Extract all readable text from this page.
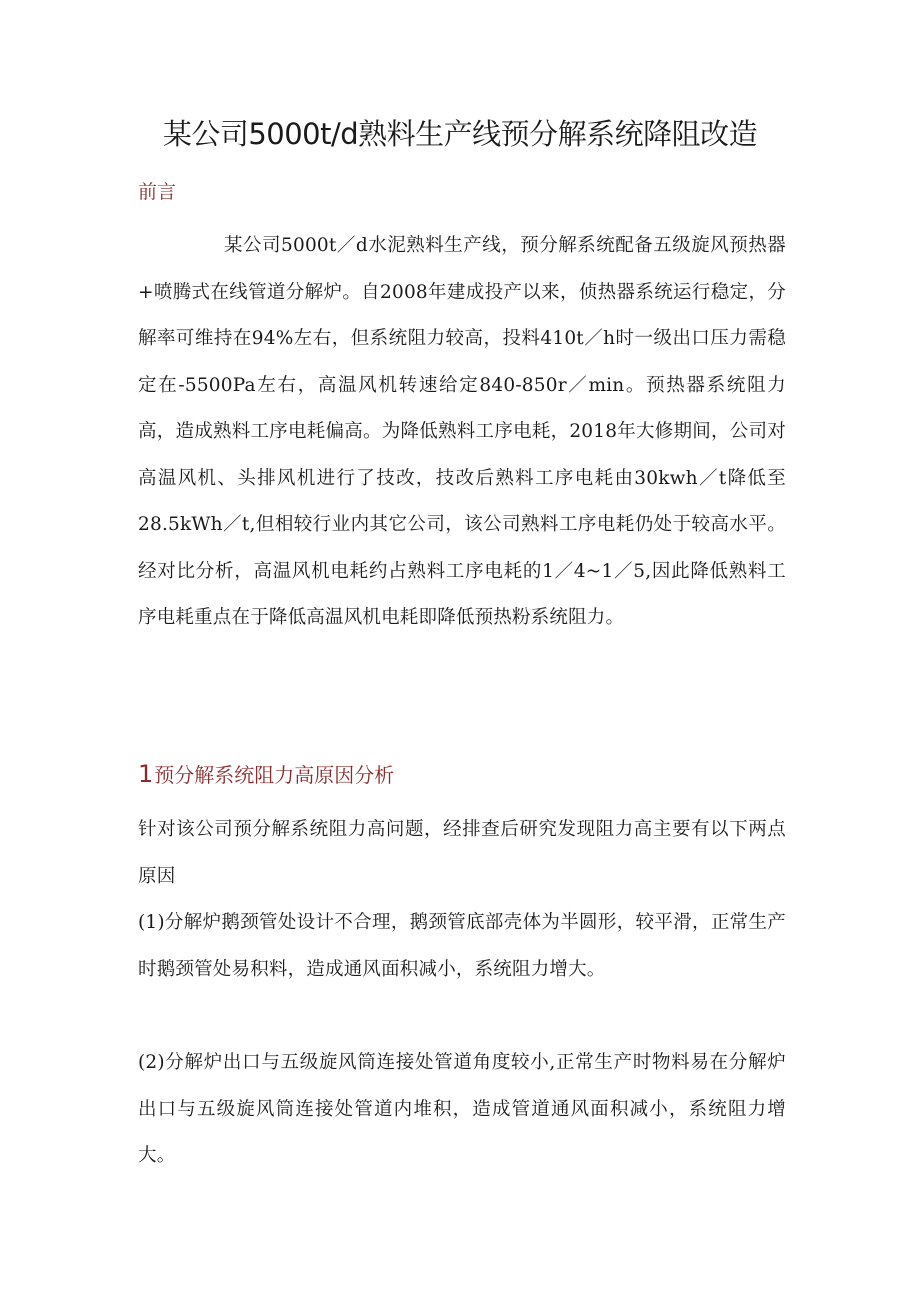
某公司5000t/d熟料生产线预分解系统降阻改造
前言

某公司5000t／d水泥熟料生产线，预分解系统配备五级旋风预热器+喷腾式在线管道分解炉。自2008年建成投产以来，侦热器系统运行稳定，分解率可维持在94%左右，但系统阻力较高，投料410t／h时一级出口压力需稳定在-5500Pa左右，高温风机转速给定840-850r／min。预热器系统阻力高，造成熟料工序电耗偏高。为降低熟料工序电耗，2018年大修期间，公司对高温风机、头排风机进行了技改，技改后熟料工序电耗由30kwh／t降低至28.5kWh／t,但相较行业内其它公司，该公司熟料工序电耗仍处于较高水平。经对比分析，高温风机电耗约占熟料工序电耗的1／4~1／5,因此降低熟料工序电耗重点在于降低高温风机电耗即降低预热粉系统阻力。

1预分解系统阻力高原因分析

针对该公司预分解系统阻力高问题，经排查后研究发现阻力高主要有以下两点原因

(1)分解炉鹅颈管处设计不合理，鹅颈管底部壳体为半圆形，较平滑，正常生产时鹅颈管处易积料，造成通风面积减小，系统阻力增大。

(2)分解炉出口与五级旋风筒连接处管道角度较小,正常生产时物料易在分解炉出口与五级旋风筒连接处管道内堆积，造成管道通风面积减小，系统阻力增大。
